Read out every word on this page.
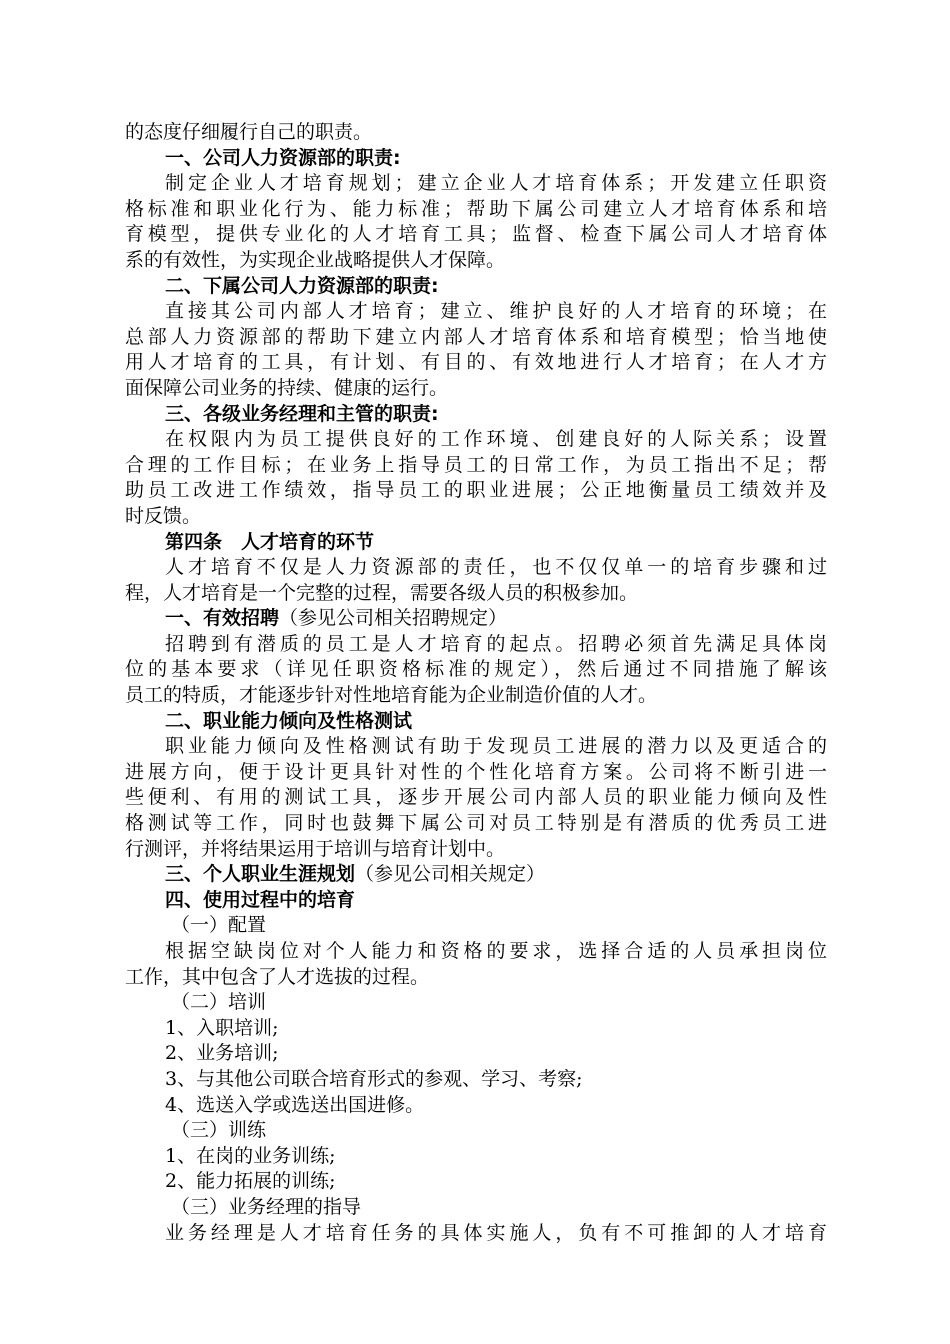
的态度仔细履行自己的职责。
一、公司人力资源部的职责:
制定企业人才培育规划；建立企业人才培育体系；开发建立任职资
格标准和职业化行为、能力标准；帮助下属公司建立人才培育体系和培
育模型，提供专业化的人才培育工具；监督、检查下属公司人才培育体
系的有效性，为实现企业战略提供人才保障。
二、下属公司人力资源部的职责:
直接其公司内部人才培育；建立、维护良好的人才培育的环境；在
总部人力资源部的帮助下建立内部人才培育体系和培育模型；恰当地使
用人才培育的工具，有计划、有目的、有效地进行人才培育；在人才方
面保障公司业务的持续、健康的运行。
三、各级业务经理和主管的职责:
在权限内为员工提供良好的工作环境、创建良好的人际关系；设置
合理的工作目标；在业务上指导员工的日常工作，为员工指出不足；帮
助员工改进工作绩效，指导员工的职业进展；公正地衡量员工绩效并及
时反馈。
第四条　人才培育的环节
人才培育不仅是人力资源部的责任，也不仅仅单一的培育步骤和过
程，人才培育是一个完整的过程，需要各级人员的积极参加。
一、有效招聘（参见公司相关招聘规定）
招聘到有潜质的员工是人才培育的起点。招聘必须首先满足具体岗
位的基本要求（详见任职资格标准的规定），然后通过不同措施了解该
员工的特质，才能逐步针对性地培育能为企业制造价值的人才。
二、职业能力倾向及性格测试
职业能力倾向及性格测试有助于发现员工进展的潜力以及更适合的
进展方向，便于设计更具针对性的个性化培育方案。公司将不断引进一
些便利、有用的测试工具，逐步开展公司内部人员的职业能力倾向及性
格测试等工作，同时也鼓舞下属公司对员工特别是有潜质的优秀员工进
行测评，并将结果运用于培训与培育计划中。
三、个人职业生涯规划（参见公司相关规定）
四、使用过程中的培育
（一）配置
根据空缺岗位对个人能力和资格的要求，选择合适的人员承担岗位
工作，其中包含了人才选拔的过程。
（二）培训
1、入职培训;
2、业务培训;
3、与其他公司联合培育形式的参观、学习、考察;
4、选送入学或选送出国进修。
（三）训练
1、在岗的业务训练;
2、能力拓展的训练;
（三）业务经理的指导
业务经理是人才培育任务的具体实施人，负有不可推卸的人才培育
